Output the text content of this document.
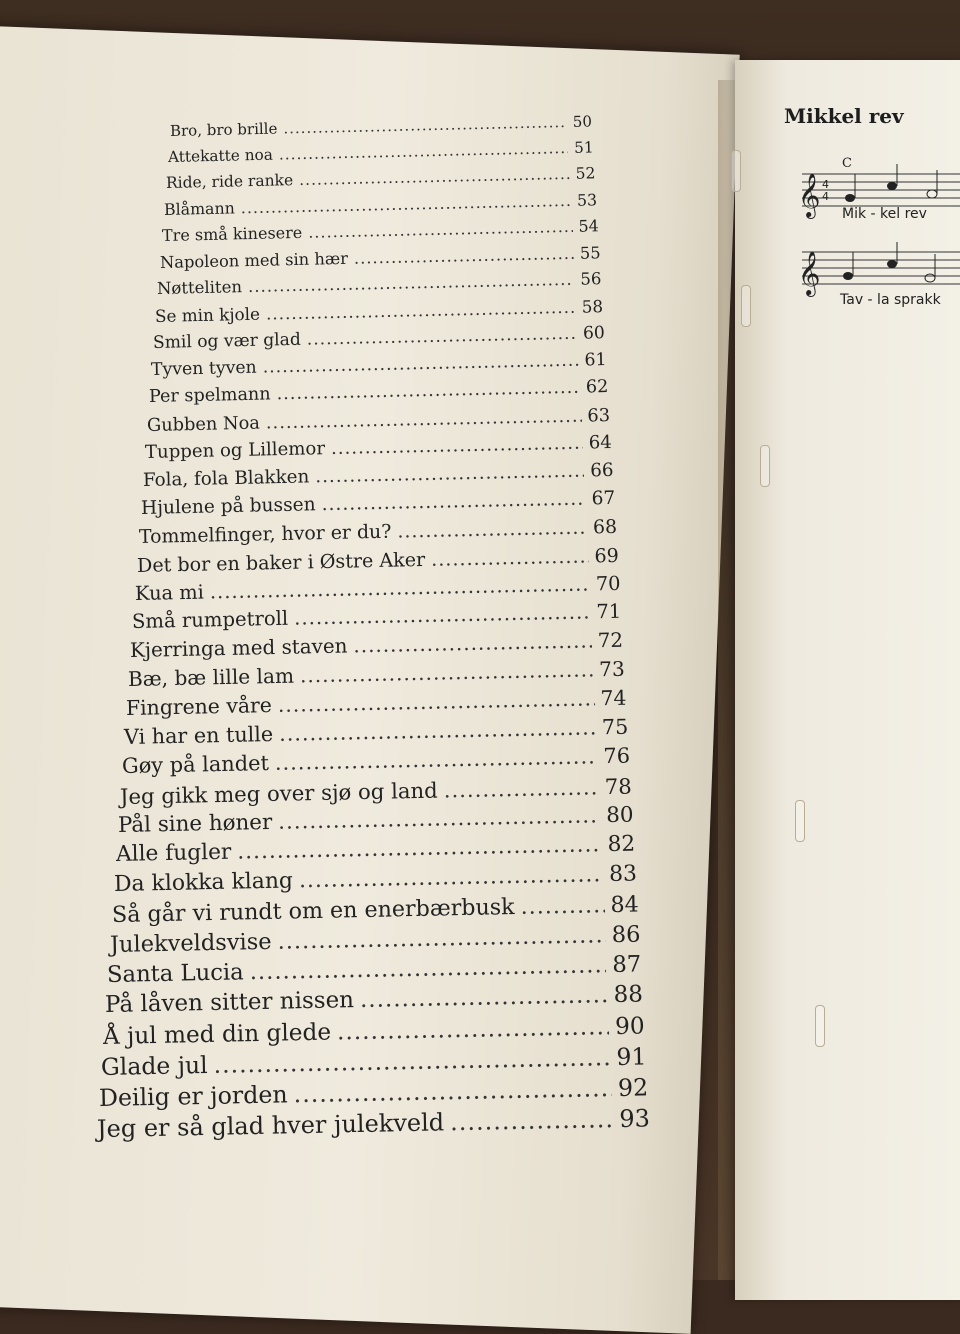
Mikkel rev
C
𝄞 4
4
Mik - kel rev
𝄞
Tav - la sprakk
Bro, bro brille .....	50
Attekatte noa .....	51
Ride, ride ranke .....	52
Blåmann .....	53
Tre små kinesere .....	54
Napoleon med sin hær .....	55
Nøtteliten .....	56
Se min kjole .....	58
Smil og vær glad .....	60
Tyven tyven .....	61
Per spelmann .....	62
Gubben Noa .....	63
Tuppen og Lillemor .....	64
Fola, fola Blakken .....	66
Hjulene på bussen .....	67
Tommelfinger, hvor er du? .....	68
Det bor en baker i Østre Aker .....	69
Kua mi .....	70
Små rumpetroll .....	71
Kjerringa med staven .....	72
Bæ, bæ lille lam .....	73
Fingrene våre .....	74
Vi har en tulle .....	75
Gøy på landet .....	76
Jeg gikk meg over sjø og land .....	78
Pål sine høner .....	80
Alle fugler .....	82
Da klokka klang .....	83
Så går vi rundt om en enerbærbusk .....	84
Julekveldsvise .....	86
Santa Lucia .....	87
På låven sitter nissen .....	88
Å jul med din glede .....	90
Glade jul .....	91
Deilig er jorden .....	92
Jeg er så glad hver julekveld .....	93
